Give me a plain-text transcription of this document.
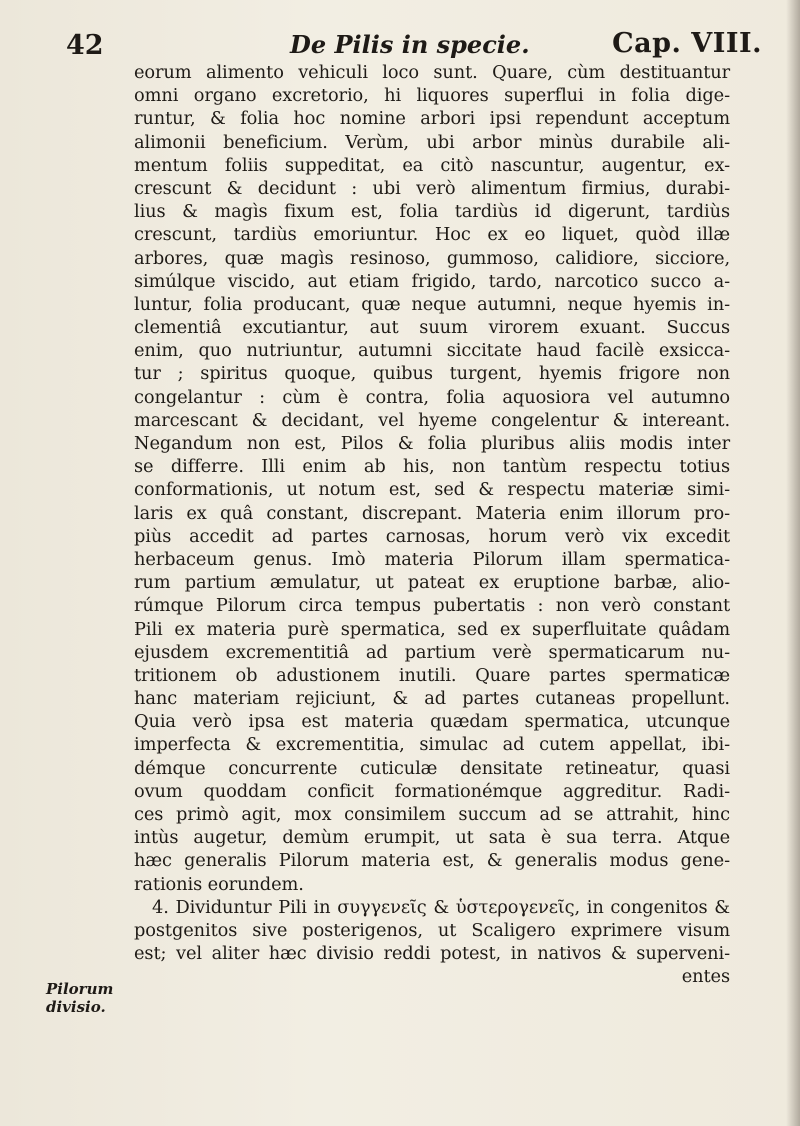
42	De Pilis in specie.	Cap. VIII.
eorum alimento vehiculi loco sunt. Quare, cùm destituantur
omni organo excretorio, hi liquores superflui in folia dige-
runtur, & folia hoc nomine arbori ipsi rependunt acceptum
alimonii beneficium. Verùm, ubi arbor minùs durabile ali-
mentum foliis suppeditat, ea citò nascuntur, augentur, ex-
crescunt & decidunt : ubi verò alimentum firmius, durabi-
lius & magìs fixum est, folia tardiùs id digerunt, tardiùs
crescunt, tardiùs emoriuntur. Hoc ex eo liquet, quòd illæ
arbores, quæ magìs resinoso, gummoso, calidiore, sicciore,
simúlque viscido, aut etiam frigido, tardo, narcotico succo a-
luntur, folia producant, quæ neque autumni, neque hyemis in-
clementiâ excutiantur, aut suum virorem exuant. Succus
enim, quo nutriuntur, autumni siccitate haud facilè exsicca-
tur ; spiritus quoque, quibus turgent, hyemis frigore non
congelantur : cùm è contra, folia aquosiora vel autumno
marcescant & decidant, vel hyeme congelentur & intereant.
Negandum non est, Pilos & folia pluribus aliis modis inter
se differre. Illi enim ab his, non tantùm respectu totius
conformationis, ut notum est, sed & respectu materiæ simi-
laris ex quâ constant, discrepant. Materia enim illorum pro-
piùs accedit ad partes carnosas, horum verò vix excedit
herbaceum genus. Imò materia Pilorum illam spermatica-
rum partium æmulatur, ut pateat ex eruptione barbæ, alio-
rúmque Pilorum circa tempus pubertatis : non verò constant
Pili ex materia purè spermatica, sed ex superfluitate quâdam
ejusdem excrementitiâ ad partium verè spermaticarum nu-
tritionem ob adustionem inutili. Quare partes spermaticæ
hanc materiam rejiciunt, & ad partes cutaneas propellunt.
Quia verò ipsa est materia quædam spermatica, utcunque
imperfecta & excrementitia, simulac ad cutem appellat, ibi-
démque concurrente cuticulæ densitate retineatur, quasi
ovum quoddam conficit formationémque aggreditur. Radi-
ces primò agit, mox consimilem succum ad se attrahit, hinc
intùs augetur, demùm erumpit, ut sata è sua terra. Atque
hæc generalis Pilorum materia est, & generalis modus gene-
rationis eorundem.
4. Dividuntur Pili in συγγενεῖς & ὑστερογενεῖς, in congenitos &
postgenitos sive posterigenos, ut Scaligero exprimere visum
est; vel aliter hæc divisio reddi potest, in nativos & superveni-
entes
Pilorum
divisio.
